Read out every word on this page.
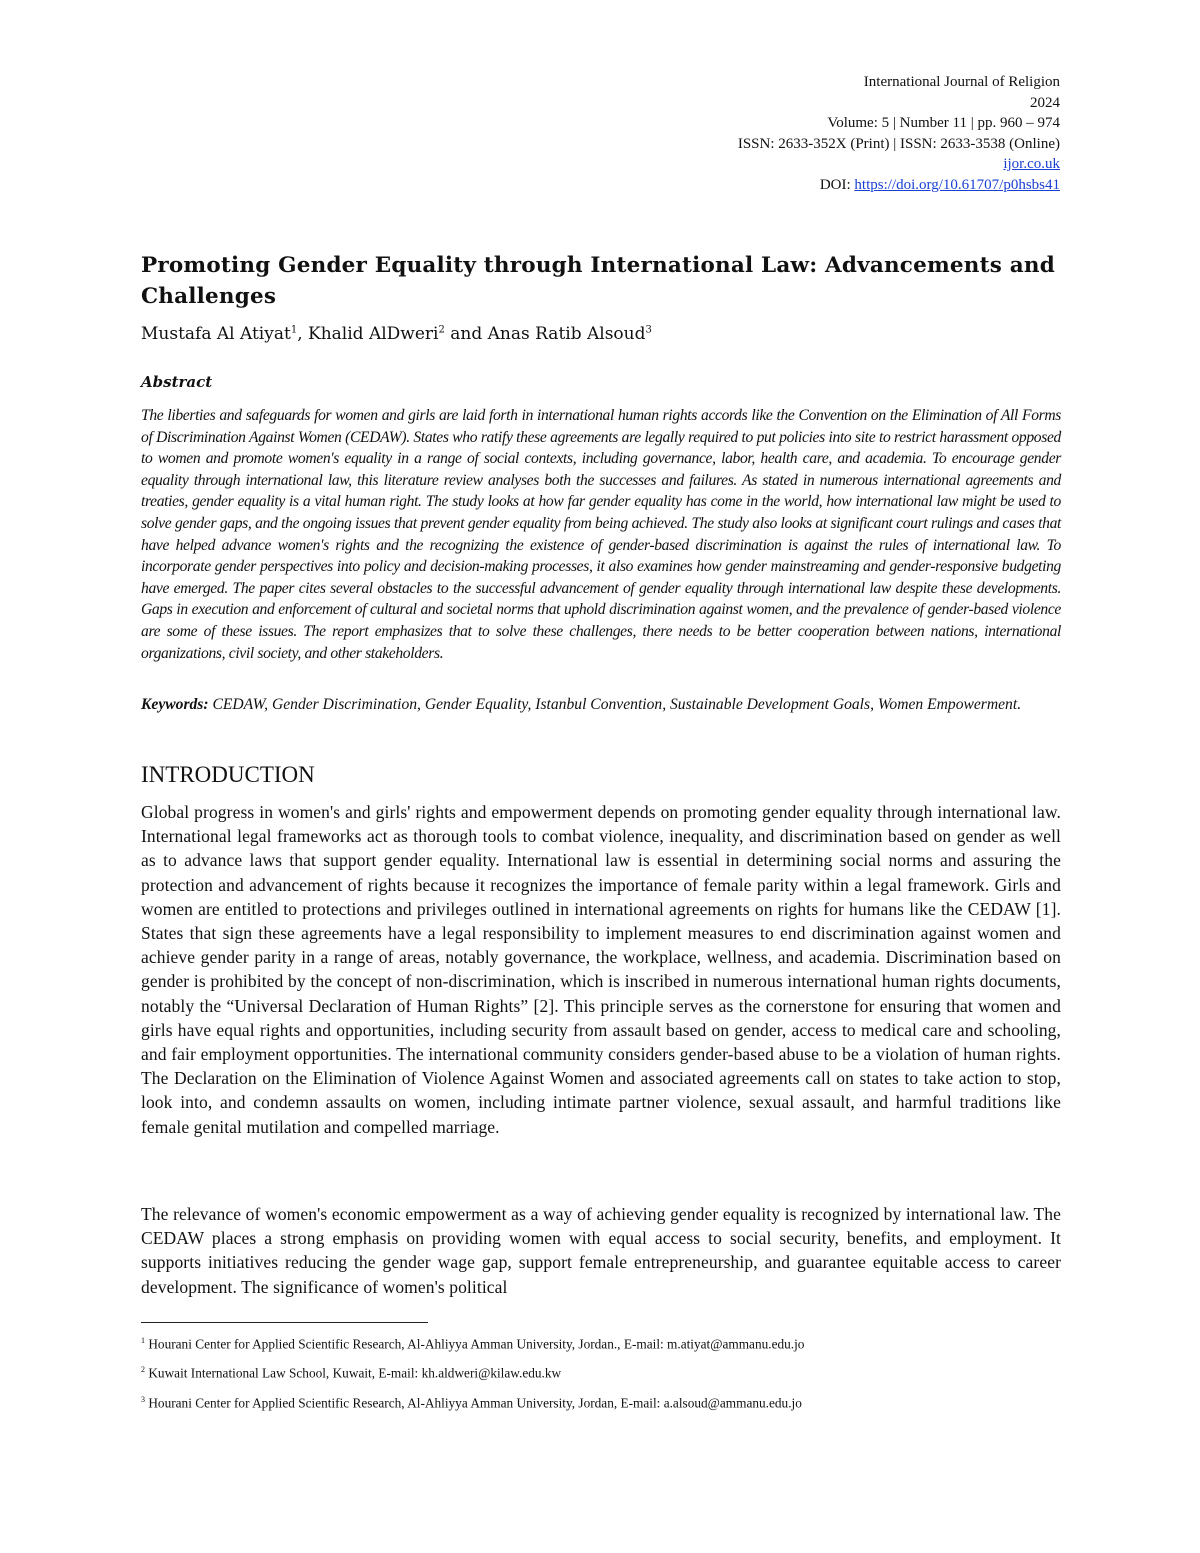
International Journal of Religion
2024
Volume: 5 | Number 11 | pp. 960 – 974
ISSN: 2633-352X (Print) | ISSN: 2633-3538 (Online)
ijor.co.uk
DOI: https://doi.org/10.61707/p0hsbs41
Promoting Gender Equality through International Law: Advancements and Challenges
Mustafa Al Atiyat$^1$, Khalid AlDweri$^2$ and Anas Ratib Alsoud$^3$
Abstract

The liberties and safeguards for women and girls are laid forth in international human rights accords like the Convention on the Elimination of All Forms of Discrimination Against Women (CEDAW). States who ratify these agreements are legally required to put policies into site to restrict harassment opposed to women and promote women's equality in a range of social contexts, including governance, labor, health care, and academia. To encourage gender equality through international law, this literature review analyses both the successes and failures. As stated in numerous international agreements and treaties, gender equality is a vital human right. The study looks at how far gender equality has come in the world, how international law might be used to solve gender gaps, and the ongoing issues that prevent gender equality from being achieved. The study also looks at significant court rulings and cases that have helped advance women's rights and the recognizing the existence of gender-based discrimination is against the rules of international law. To incorporate gender perspectives into policy and decision-making processes, it also examines how gender mainstreaming and gender-responsive budgeting have emerged. The paper cites several obstacles to the successful advancement of gender equality through international law despite these developments. Gaps in execution and enforcement of cultural and societal norms that uphold discrimination against women, and the prevalence of gender-based violence are some of these issues. The report emphasizes that to solve these challenges, there needs to be better cooperation between nations, international organizations, civil society, and other stakeholders.

Keywords: CEDAW, Gender Discrimination, Gender Equality, Istanbul Convention, Sustainable Development Goals, Women Empowerment.

INTRODUCTION

Global progress in women's and girls' rights and empowerment depends on promoting gender equality through international law. International legal frameworks act as thorough tools to combat violence, inequality, and discrimination based on gender as well as to advance laws that support gender equality. International law is essential in determining social norms and assuring the protection and advancement of rights because it recognizes the importance of female parity within a legal framework. Girls and women are entitled to protections and privileges outlined in international agreements on rights for humans like the CEDAW [1]. States that sign these agreements have a legal responsibility to implement measures to end discrimination against women and achieve gender parity in a range of areas, notably governance, the workplace, wellness, and academia. Discrimination based on gender is prohibited by the concept of non-discrimination, which is inscribed in numerous international human rights documents, notably the “Universal Declaration of Human Rights” [2]. This principle serves as the cornerstone for ensuring that women and girls have equal rights and opportunities, including security from assault based on gender, access to medical care and schooling, and fair employment opportunities. The international community considers gender-based abuse to be a violation of human rights. The Declaration on the Elimination of Violence Against Women and associated agreements call on states to take action to stop, look into, and condemn assaults on women, including intimate partner violence, sexual assault, and harmful traditions like female genital mutilation and compelled marriage.

The relevance of women's economic empowerment as a way of achieving gender equality is recognized by international law. The CEDAW places a strong emphasis on providing women with equal access to social security, benefits, and employment. It supports initiatives reducing the gender wage gap, support female entrepreneurship, and guarantee equitable access to career development. The significance of women's political

$^1$ Hourani Center for Applied Scientific Research, Al-Ahliyya Amman University, Jordan., E-mail: m.atiyat@ammanu.edu.jo
$^2$ Kuwait International Law School, Kuwait, E-mail: kh.aldweri@kilaw.edu.kw
$^3$ Hourani Center for Applied Scientific Research, Al-Ahliyya Amman University, Jordan, E-mail: a.alsoud@ammanu.edu.jo
